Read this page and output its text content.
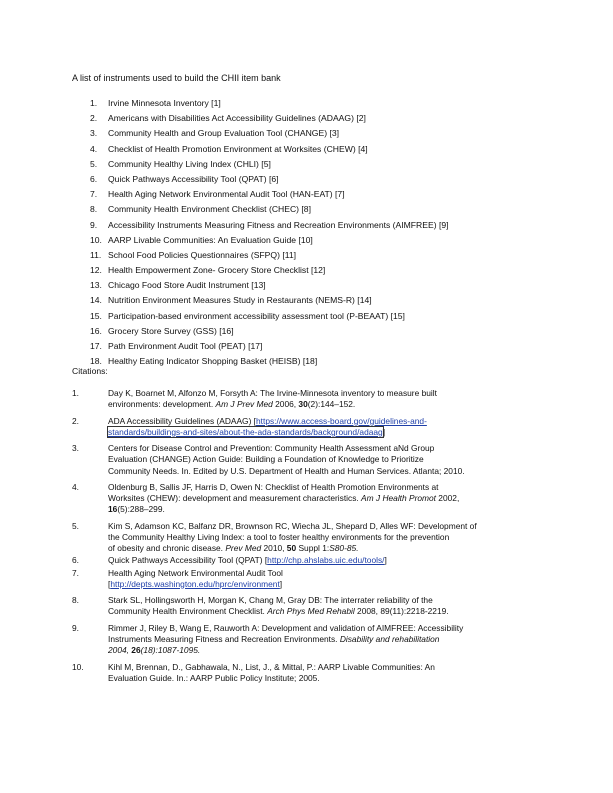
A list of instruments used to build the CHII item bank
1.	Irvine Minnesota Inventory [1]
2.	Americans with Disabilities Act Accessibility Guidelines (ADAAG) [2]
3.	Community Health and Group Evaluation Tool (CHANGE) [3]
4.	Checklist of Health Promotion Environment at Worksites (CHEW) [4]
5.	Community Healthy Living Index (CHLI) [5]
6.	Quick Pathways Accessibility Tool (QPAT) [6]
7.	Health Aging Network Environmental Audit Tool (HAN-EAT) [7]
8.	Community Health Environment Checklist (CHEC) [8]
9.	Accessibility Instruments Measuring Fitness and Recreation Environments (AIMFREE) [9]
10. AARP Livable Communities: An Evaluation Guide [10]
11. School Food Policies Questionnaires (SFPQ) [11]
12. Health Empowerment Zone- Grocery Store Checklist [12]
13. Chicago Food Store Audit Instrument [13]
14. Nutrition Environment Measures Study in Restaurants (NEMS-R) [14]
15. Participation-based environment accessibility assessment tool (P-BEAAT) [15]
16. Grocery Store Survey (GSS) [16]
17. Path Environment Audit Tool (PEAT) [17]
18. Healthy Eating Indicator Shopping Basket (HEISB) [18]
Citations:
1.	Day K, Boarnet M, Alfonzo M, Forsyth A: The Irvine-Minnesota inventory to measure built
environments: development. Am J Prev Med 2006, 30(2):144–152.
2.	ADA Accessibility Guidelines (ADAAG) [https://www.access-board.gov/guidelines-and-
standards/buildings-and-sites/about-the-ada-standards/background/adaag]
3.	Centers for Disease Control and Prevention: Community Health Assessment aNd Group
Evaluation (CHANGE) Action Guide: Building a Foundation of Knowledge to Prioritize
Community Needs. In. Edited by U.S. Department of Health and Human Services. Atlanta; 2010.
4.	Oldenburg B, Sallis JF, Harris D, Owen N: Checklist of Health Promotion Environments at
Worksites (CHEW): development and measurement characteristics. Am J Health Promot 2002,
16(5):288–299.
5.	Kim S, Adamson KC, Balfanz DR, Brownson RC, Wiecha JL, Shepard D, Alles WF: Development of
the Community Healthy Living Index: a tool to foster healthy environments for the prevention
of obesity and chronic disease. Prev Med 2010, 50 Suppl 1:S80-85.
6.	Quick Pathways Accessibility Tool (QPAT) [http://chp.ahslabs.uic.edu/tools/]
7.	Health Aging Network Environmental Audit Tool
[http://depts.washington.edu/hprc/environment]
8.	Stark SL, Hollingsworth H, Morgan K, Chang M, Gray DB: The interrater reliability of the
Community Health Environment Checklist. Arch Phys Med Rehabil 2008, 89(11):2218-2219.
9.	Rimmer J, Riley B, Wang E, Rauworth A: Development and validation of AIMFREE: Accessibility
Instruments Measuring Fitness and Recreation Environments. Disability and rehabilitation
2004, 26(18):1087-1095.
10.	Kihl M, Brennan, D., Gabhawala, N., List, J., & Mittal, P.: AARP Livable Communities: An
Evaluation Guide. In.: AARP Public Policy Institute; 2005.
